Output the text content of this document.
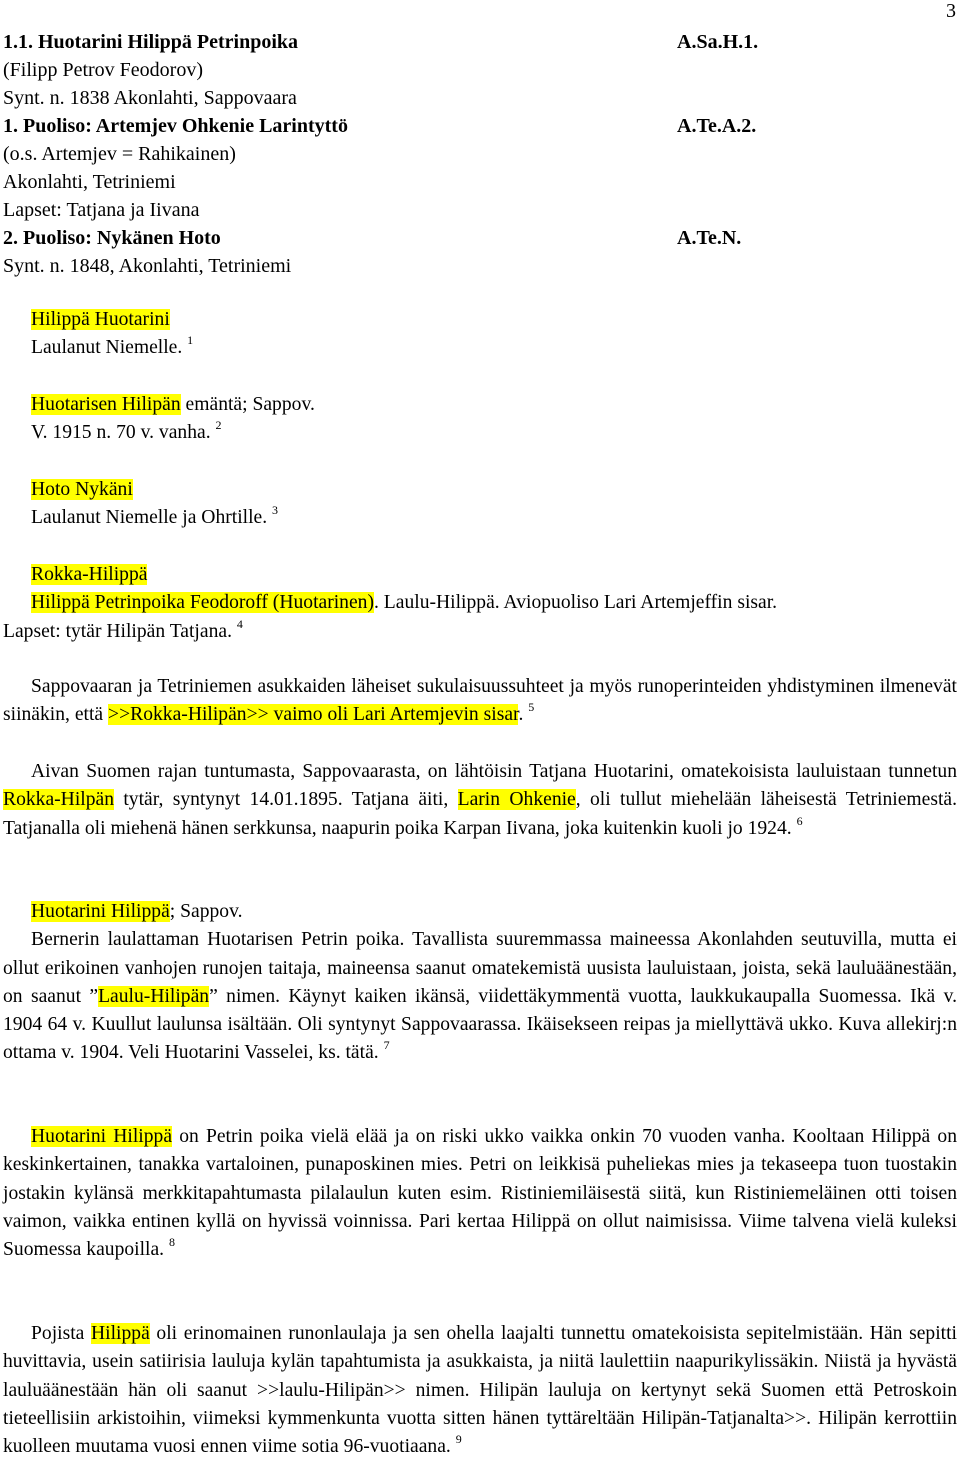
3
1.1. Huotarini Hilippä Petrinpoika	A.Sa.H.1.
(Filipp Petrov Feodorov)
Synt. n. 1838 Akonlahti, Sappovaara
1. Puoliso: Artemjev Ohkenie Larintyttö	A.Te.A.2.
(o.s. Artemjev = Rahikainen)
Akonlahti, Tetriniemi
Lapset: Tatjana ja Iivana
2. Puoliso: Nykänen Hoto	A.Te.N.
Synt. n. 1848, Akonlahti, Tetriniemi
Hilippä Huotarini
Laulanut Niemelle. $^1$
Huotarisen Hilipän emäntä; Sappov.
V. 1915 n. 70 v. vanha. $^2$
Hoto Nykäni
Laulanut Niemelle ja Ohrtille. $^3$
Rokka-Hilippä
Hilippä Petrinpoika Feodoroff (Huotarinen). Laulu-Hilippä. Aviopuoliso Lari Artemjeffin sisar.
Lapset: tytär Hilipän Tatjana. $^4$
Sappovaaran ja Tetriniemen asukkaiden läheiset sukulaisuussuhteet ja myös runoperinteiden yhdistyminen ilmenevät siinäkin, että >>Rokka-Hilipän>> vaimo oli Lari Artemjevin sisar. $^5$
Aivan Suomen rajan tuntumasta, Sappovaarasta, on lähtöisin Tatjana Huotarini, omatekoisista lauluistaan tunnetun Rokka-Hilpän tytär, syntynyt 14.01.1895. Tatjana äiti, Larin Ohkenie, oli tullut miehelään läheisestä Tetriniemestä. Tatjanalla oli miehenä hänen serkkunsa, naapurin poika Karpan Iivana, joka kuitenkin kuoli jo 1924. $^6$
Huotarini Hilippä; Sappov.
Bernerin laulattaman Huotarisen Petrin poika. Tavallista suuremmassa maineessa Akonlahden seutuvilla, mutta ei ollut erikoinen vanhojen runojen taitaja, maineensa saanut omatekemistä uusista lauluistaan, joista, sekä lauluäänestään, on saanut ”Laulu-Hilipän” nimen. Käynyt kaiken ikänsä, viidettäkymmentä vuotta, laukkukaupalla Suomessa. Ikä v. 1904 64 v. Kuullut laulunsa isältään. Oli syntynyt Sappovaarassa. Ikäisekseen reipas ja miellyttävä ukko. Kuva allekirj:n ottama v. 1904. Veli Huotarini Vasselei, ks. tätä. $^7$
Huotarini Hilippä on Petrin poika vielä elää ja on riski ukko vaikka onkin 70 vuoden vanha. Kooltaan Hilippä on keskinkertainen, tanakka vartaloinen, punaposkinen mies. Petri on leikkisä puheliekas mies ja tekaseepa tuon tuostakin jostakin kylänsä merkkitapahtumasta pilalaulun kuten esim. Ristiniemiläisestä siitä, kun Ristiniemeläinen otti toisen vaimon, vaikka entinen kyllä on hyvissä voinnissa. Pari kertaa Hilippä on ollut naimisissa. Viime talvena vielä kuleksi Suomessa kaupoilla. $^8$
Pojista Hilippä oli erinomainen runonlaulaja ja sen ohella laajalti tunnettu omatekoisista sepitelmistään. Hän sepitti huvittavia, usein satiirisia lauluja kylän tapahtumista ja asukkaista, ja niitä laulettiin naapurikylissäkin. Niistä ja hyvästä lauluäänestään hän oli saanut >>laulu-Hilipän>> nimen. Hilipän lauluja on kertynyt sekä Suomen että Petroskoin tieteellisiin arkistoihin, viimeksi kymmenkunta vuotta sitten hänen tyttäreltään Hilipän-Tatjanalta>>. Hilipän kerrottiin kuolleen muutama vuosi ennen viime sotia 96-vuotiaana. $^9$
